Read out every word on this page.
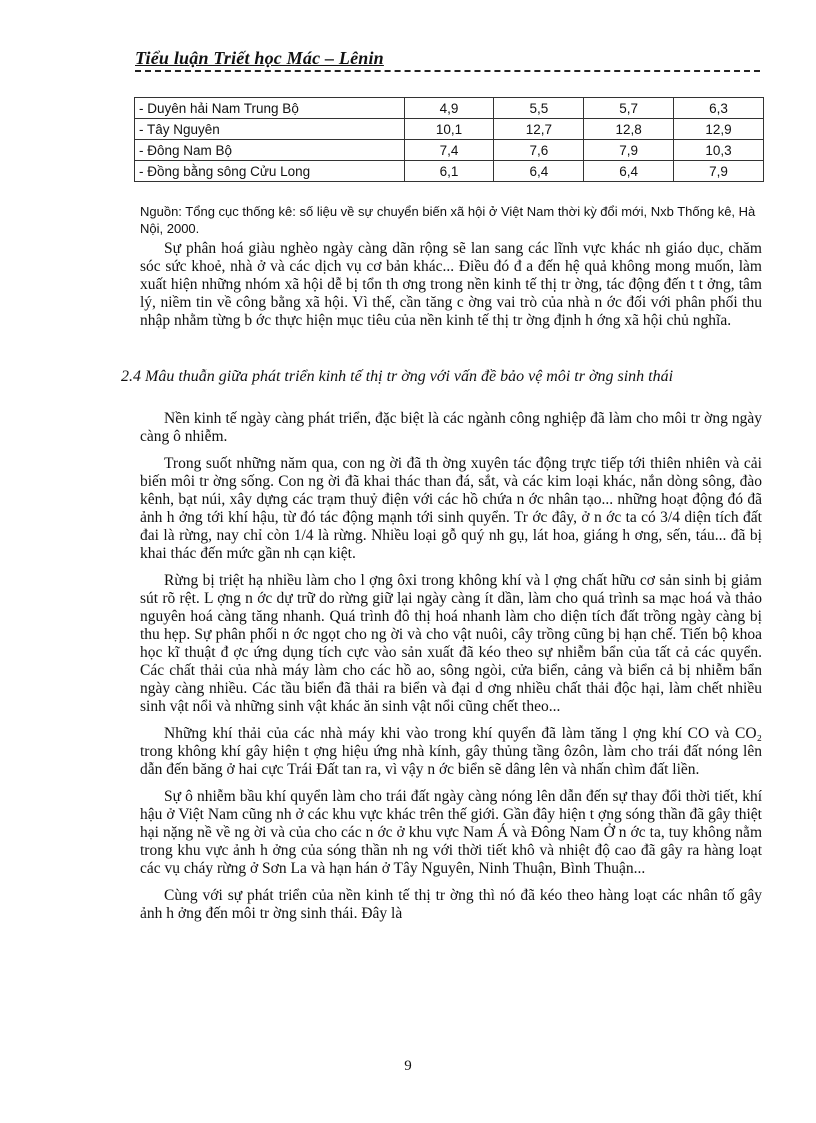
Tiểu luận Triết học Mác – Lênin
- Duyên hải Nam Trung Bộ	4,9	5,5	5,7	6,3
- Tây Nguyên	10,1	12,7	12,8	12,9
- Đông Nam Bộ	7,4	7,6	7,9	10,3
- Đồng bằng sông Cửu Long	6,1	6,4	6,4	7,9
Nguồn: Tổng cục thống kê: số liệu về sự chuyển biến xã hội ở Việt Nam thời kỳ đổi mới, Nxb Thống kê, Hà Nội, 2000.

Sự phân hoá giàu nghèo ngày càng dãn rộng sẽ lan sang các lĩnh vực khác nh giáo dục, chăm sóc sức khoẻ, nhà ở và các dịch vụ cơ bản khác... Điều đó đ a đến hệ quả không mong muốn, làm xuất hiện những nhóm xã hội dễ bị tổn th ơng trong nền kinh tế thị tr ờng, tác động đến t t ởng, tâm lý, niềm tin về công bằng xã hội. Vì thế, cần tăng c ờng vai trò của nhà n ớc đối với phân phối thu nhập nhằm từng b ớc thực hiện mục tiêu của nền kinh tế thị tr ờng định h ớng xã hội chủ nghĩa.

2.4 Mâu thuẫn giữa phát triển kinh tế thị tr ờng với vấn đề bảo vệ môi tr ờng sinh thái

Nền kinh tế ngày càng phát triển, đặc biệt là các ngành công nghiệp đã làm cho môi tr ờng ngày càng ô nhiễm.

Trong suốt những năm qua, con ng ời đã th ờng xuyên tác động trực tiếp tới thiên nhiên và cải biến môi tr ờng sống. Con ng ời đã khai thác than đá, sắt, và các kim loại khác, nắn dòng sông, đào kênh, bạt núi, xây dựng các trạm thuỷ điện với các hồ chứa n ớc nhân tạo... những hoạt động đó đã ảnh h ởng tới khí hậu, từ đó tác động mạnh tới sinh quyển. Tr ớc đây, ở n ớc ta có 3/4 diện tích đất đai là rừng, nay chỉ còn 1/4 là rừng. Nhiều loại gỗ quý nh gụ, lát hoa, giáng h ơng, sến, táu... đã bị khai thác đến mức gần nh cạn kiệt.

Rừng bị triệt hạ nhiều làm cho l ợng ôxi trong không khí và l ợng chất hữu cơ sản sinh bị giảm sút rõ rệt. L ợng n ớc dự trữ do rừng giữ lại ngày càng ít dần, làm cho quá trình sa mạc hoá và thảo nguyên hoá càng tăng nhanh. Quá trình đô thị hoá nhanh làm cho diện tích đất trồng ngày càng bị thu hẹp. Sự phân phối n ớc ngọt cho ng ời và cho vật nuôi, cây trồng cũng bị hạn chế. Tiến bộ khoa học kĩ thuật đ ợc ứng dụng tích cực vào sản xuất đã kéo theo sự nhiễm bẩn của tất cả các quyển. Các chất thải của nhà máy làm cho các hồ ao, sông ngòi, cửa biển, cảng và biển cả bị nhiễm bẩn ngày càng nhiều. Các tầu biển đã thải ra biển và đại d ơng nhiều chất thải độc hại, làm chết nhiều sinh vật nổi và những sinh vật khác ăn sinh vật nổi cũng chết theo...

Những khí thải của các nhà máy khi vào trong khí quyển đã làm tăng l ợng khí CO và CO₂ trong không khí gây hiện t ợng hiệu ứng nhà kính, gây thủng tầng ôzôn, làm cho trái đất nóng lên dẫn đến băng ở hai cực Trái Đất tan ra, vì vậy n ớc biển sẽ dâng lên và nhấn chìm đất liền.

Sự ô nhiễm bầu khí quyển làm cho trái đất ngày càng nóng lên dẫn đến sự thay đổi thời tiết, khí hậu ở Việt Nam cũng nh ở các khu vực khác trên thế giới. Gần đây hiện t ợng sóng thần đã gây thiệt hại nặng nề về ng ời và của cho các n ớc ở khu vực Nam Á và Đông Nam Ở n ớc ta, tuy không nằm trong khu vực ảnh h ởng của sóng thần nh ng với thời tiết khô và nhiệt độ cao đã gây ra hàng loạt các vụ cháy rừng ở Sơn La và hạn hán ở Tây Nguyên, Ninh Thuận, Bình Thuận...

Cùng với sự phát triển của nền kinh tế thị tr ờng thì nó đã kéo theo hàng loạt các nhân tố gây ảnh h ởng đến môi tr ờng sinh thái. Đây là

9
